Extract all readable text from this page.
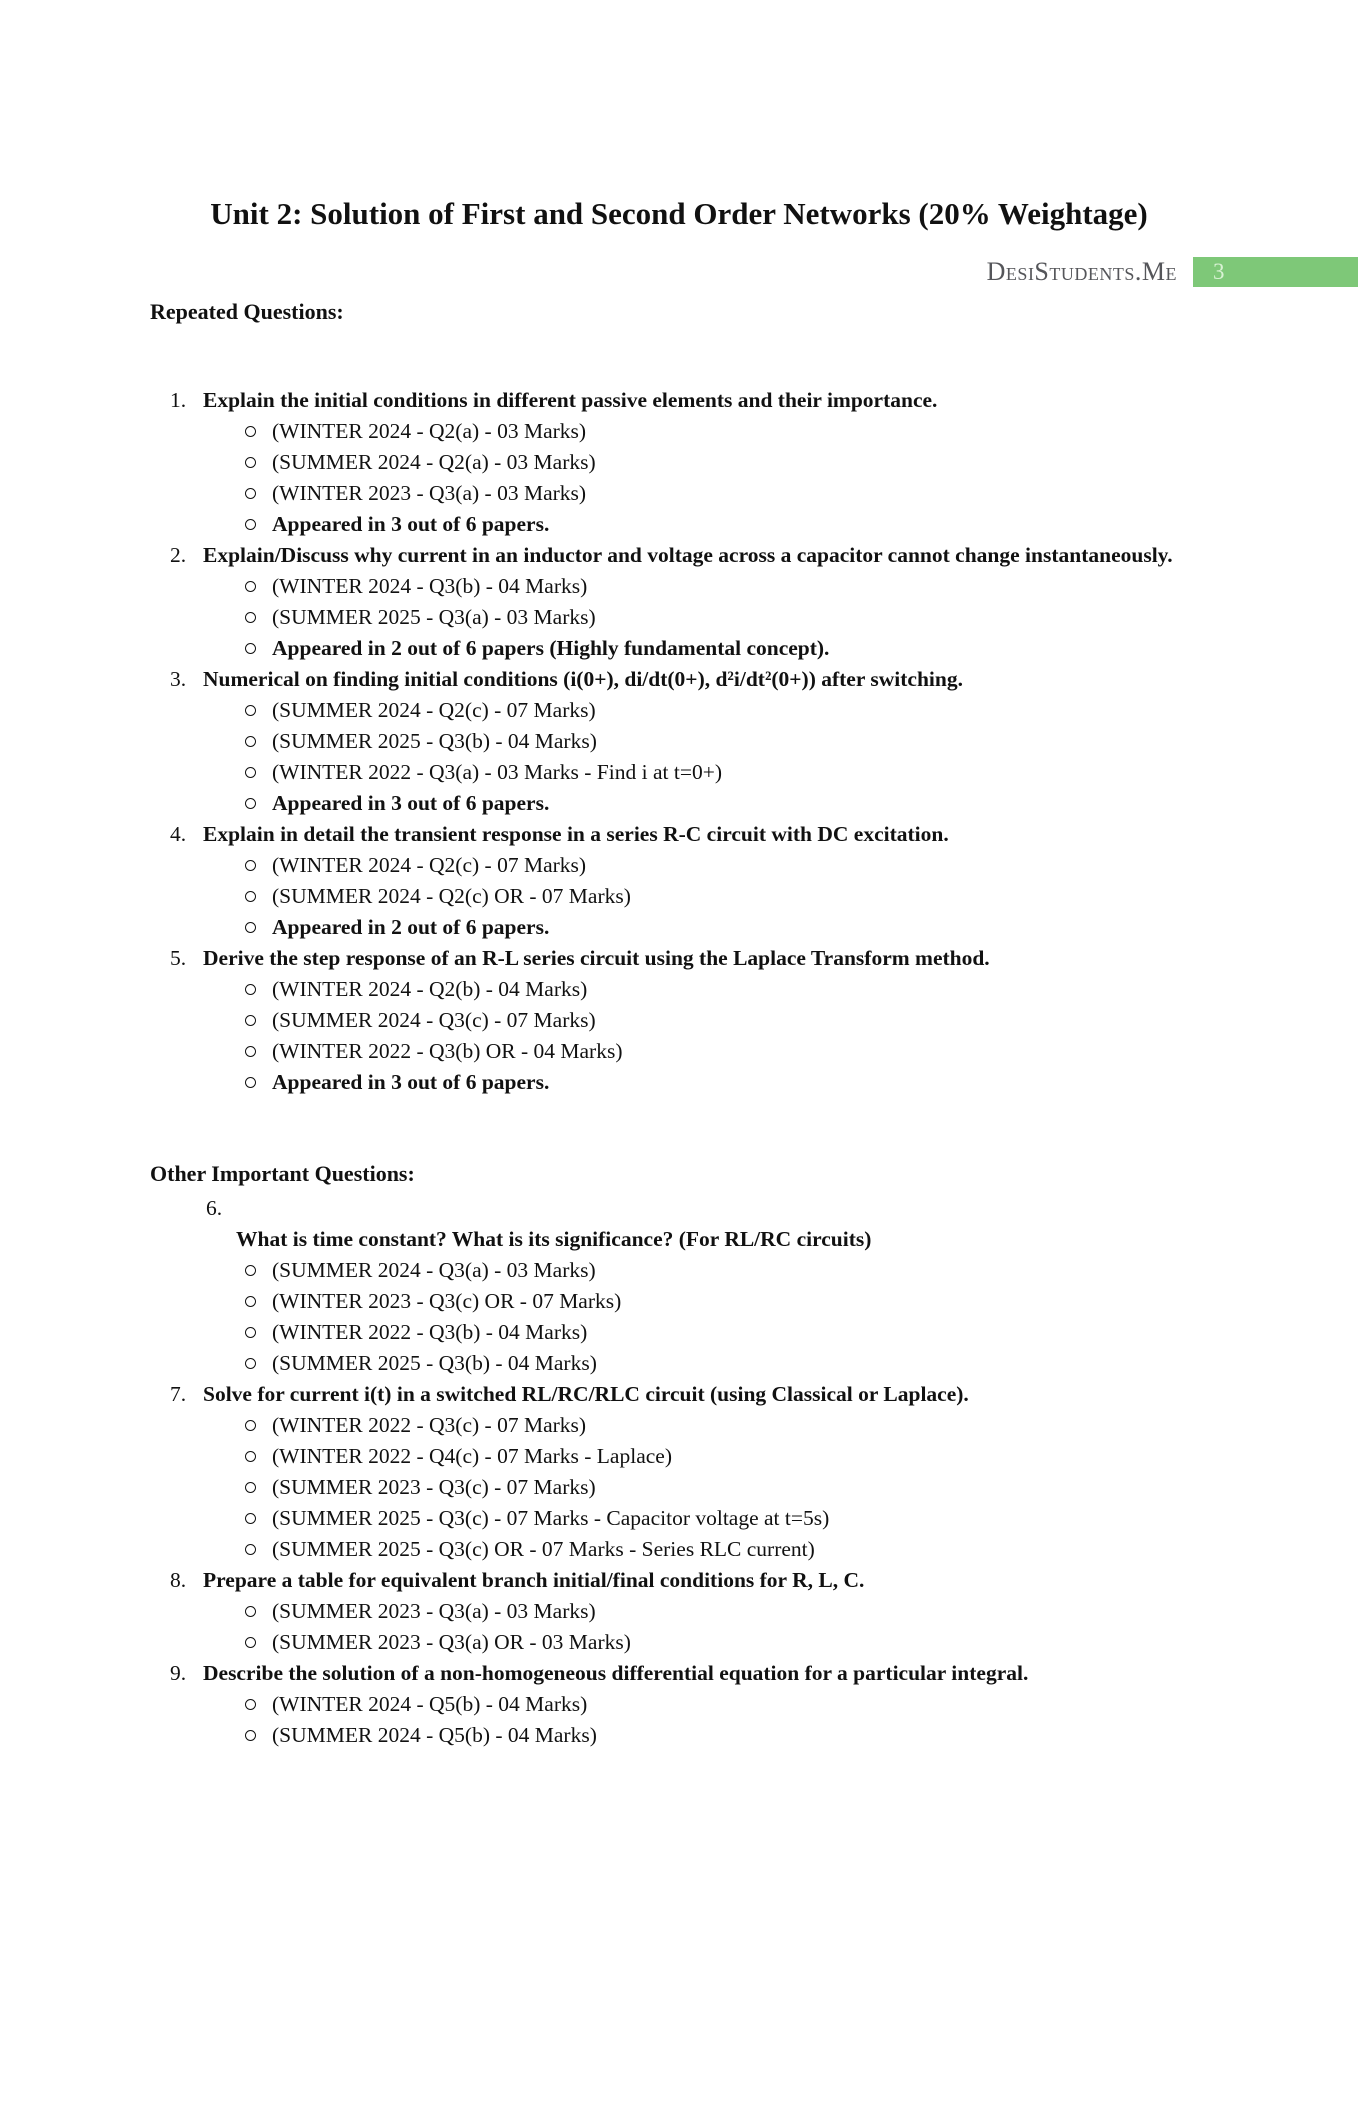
DesiStudents.Me 3
Unit 2: Solution of First and Second Order Networks (20% Weightage)
Repeated Questions:
1. Explain the initial conditions in different passive elements and their importance.
(WINTER 2024 - Q2(a) - 03 Marks)
(SUMMER 2024 - Q2(a) - 03 Marks)
(WINTER 2023 - Q3(a) - 03 Marks)
Appeared in 3 out of 6 papers.
2. Explain/Discuss why current in an inductor and voltage across a capacitor cannot change instantaneously.
(WINTER 2024 - Q3(b) - 04 Marks)
(SUMMER 2025 - Q3(a) - 03 Marks)
Appeared in 2 out of 6 papers (Highly fundamental concept).
3. Numerical on finding initial conditions (i(0+), di/dt(0+), d²i/dt²(0+)) after switching.
(SUMMER 2024 - Q2(c) - 07 Marks)
(SUMMER 2025 - Q3(b) - 04 Marks)
(WINTER 2022 - Q3(a) - 03 Marks - Find i at t=0+)
Appeared in 3 out of 6 papers.
4. Explain in detail the transient response in a series R-C circuit with DC excitation.
(WINTER 2024 - Q2(c) - 07 Marks)
(SUMMER 2024 - Q2(c) OR - 07 Marks)
Appeared in 2 out of 6 papers.
5. Derive the step response of an R-L series circuit using the Laplace Transform method.
(WINTER 2024 - Q2(b) - 04 Marks)
(SUMMER 2024 - Q3(c) - 07 Marks)
(WINTER 2022 - Q3(b) OR - 04 Marks)
Appeared in 3 out of 6 papers.
Other Important Questions:
6.
What is time constant? What is its significance? (For RL/RC circuits)
(SUMMER 2024 - Q3(a) - 03 Marks)
(WINTER 2023 - Q3(c) OR - 07 Marks)
(WINTER 2022 - Q3(b) - 04 Marks)
(SUMMER 2025 - Q3(b) - 04 Marks)
7. Solve for current i(t) in a switched RL/RC/RLC circuit (using Classical or Laplace).
(WINTER 2022 - Q3(c) - 07 Marks)
(WINTER 2022 - Q4(c) - 07 Marks - Laplace)
(SUMMER 2023 - Q3(c) - 07 Marks)
(SUMMER 2025 - Q3(c) - 07 Marks - Capacitor voltage at t=5s)
(SUMMER 2025 - Q3(c) OR - 07 Marks - Series RLC current)
8. Prepare a table for equivalent branch initial/final conditions for R, L, C.
(SUMMER 2023 - Q3(a) - 03 Marks)
(SUMMER 2023 - Q3(a) OR - 03 Marks)
9. Describe the solution of a non-homogeneous differential equation for a particular integral.
(WINTER 2024 - Q5(b) - 04 Marks)
(SUMMER 2024 - Q5(b) - 04 Marks)
